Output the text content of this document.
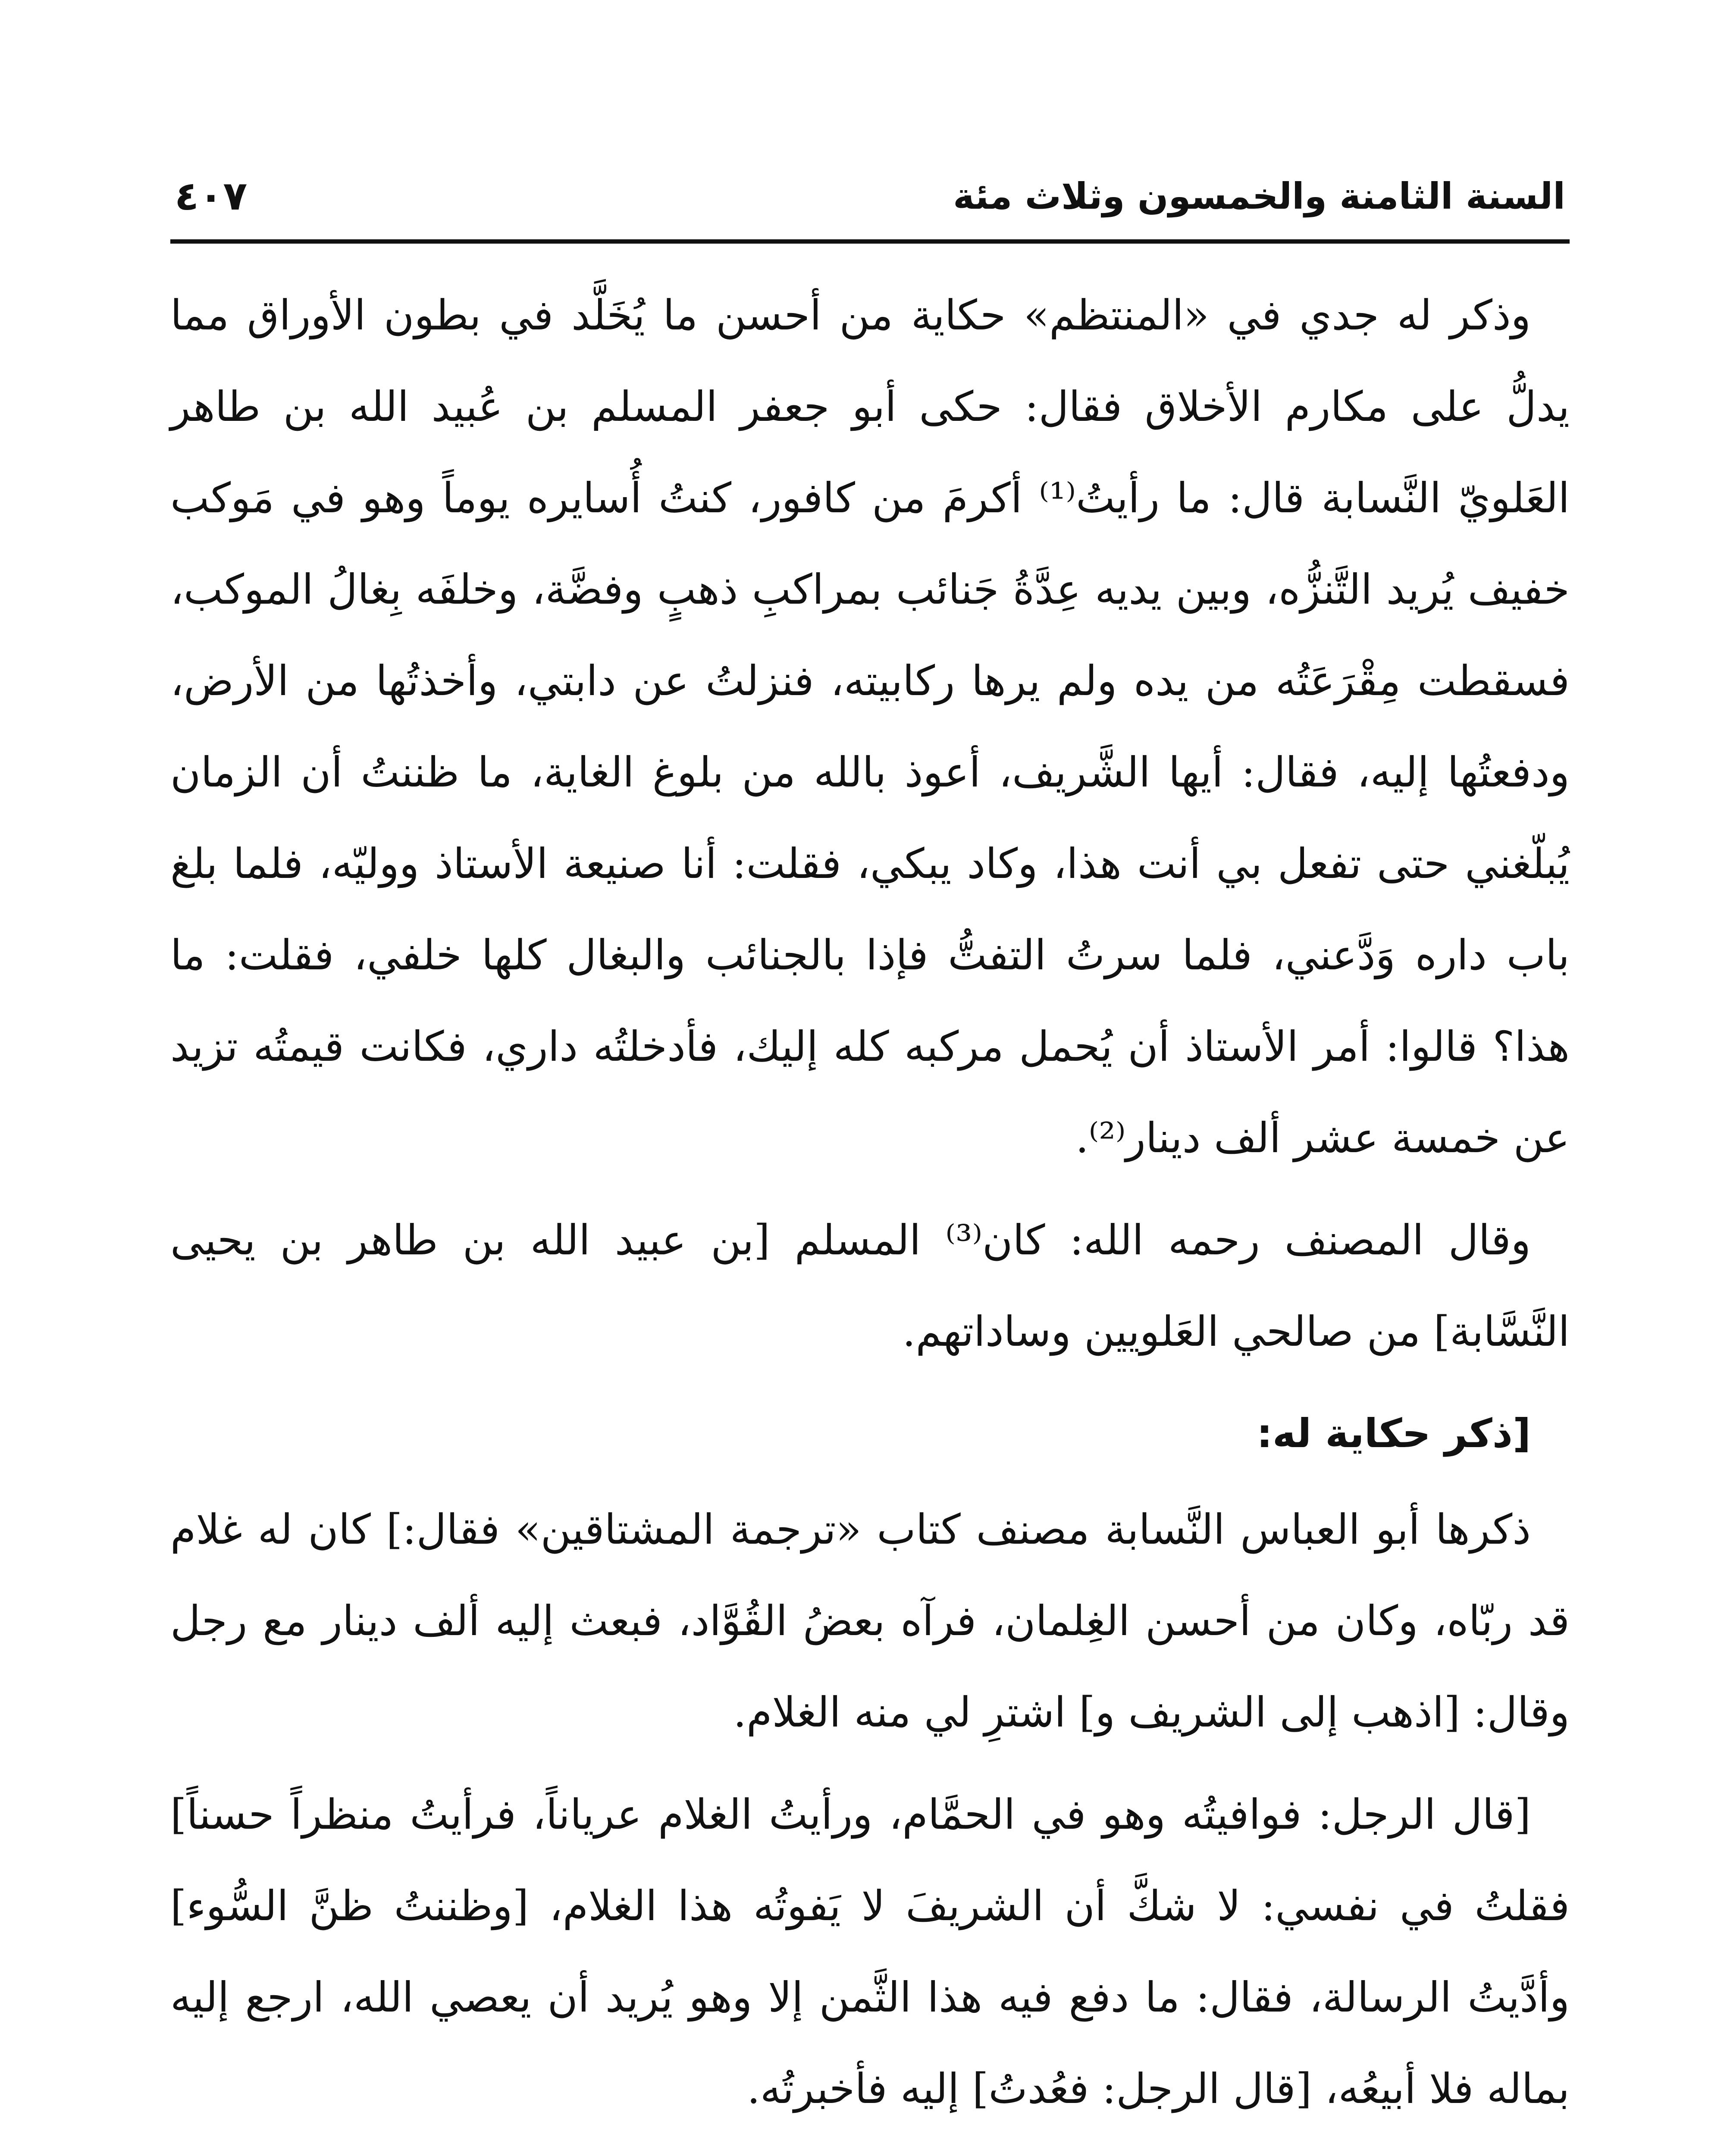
السنة الثامنة والخمسون وثلاث مئة
٤٠٧

وذكر له جدي في «المنتظم» حكاية من أحسن ما يُخَلَّد في بطون الأوراق مما يدلُّ على مكارم الأخلاق فقال: حكى أبو جعفر المسلم بن عُبيد الله بن طاهر العَلويّ النَّسابة قال: ما رأيتُ⁽¹⁾ أكرمَ من كافور، كنتُ أُسايره يوماً وهو في مَوكب خفيف يُريد التَّنزُّه، وبين يديه عِدَّةُ جَنائب بمراكبِ ذهبٍ وفضَّة، وخلفَه بِغالُ الموكب، فسقطت مِقْرَعَتُه من يده ولم يرها ركابيته، فنزلتُ عن دابتي، وأخذتُها من الأرض، ودفعتُها إليه، فقال: أيها الشَّريف، أعوذ بالله من بلوغ الغاية، ما ظننتُ أن الزمان يُبلّغني حتى تفعل بي أنت هذا، وكاد يبكي، فقلت: أنا صنيعة الأستاذ ووليّه، فلما بلغ باب داره وَدَّعني، فلما سرتُ التفتُّ فإذا بالجنائب والبغال كلها خلفي، فقلت: ما هذا؟ قالوا: أمر الأستاذ أن يُحمل مركبه كله إليك، فأدخلتُه داري، فكانت قيمتُه تزيد عن خمسة عشر ألف دينار⁽²⁾.

وقال المصنف رحمه الله: كان⁽³⁾ المسلم [بن عبيد الله بن طاهر بن يحيى النَّسَّابة] من صالحي العَلويين وساداتهم.

[ذكر حكاية له:

ذكرها أبو العباس النَّسابة مصنف كتاب «ترجمة المشتاقين» فقال:] كان له غلام قد ربّاه، وكان من أحسن الغِلمان، فرآه بعضُ القُوَّاد، فبعث إليه ألف دينار مع رجل وقال: [اذهب إلى الشريف و] اشترِ لي منه الغلام.

[قال الرجل: فوافيتُه وهو في الحمَّام، ورأيتُ الغلام عرياناً، فرأيتُ منظراً حسناً] فقلتُ في نفسي: لا شكَّ أن الشريفَ لا يَفوتُه هذا الغلام، [وظننتُ ظنَّ السُّوء] وأدَّيتُ الرسالة، فقال: ما دفع فيه هذا الثَّمن إلا وهو يُريد أن يعصي الله، ارجع إليه بماله فلا أبيعُه، [قال الرجل: فعُدتُ] إليه فأخبرتُه.
